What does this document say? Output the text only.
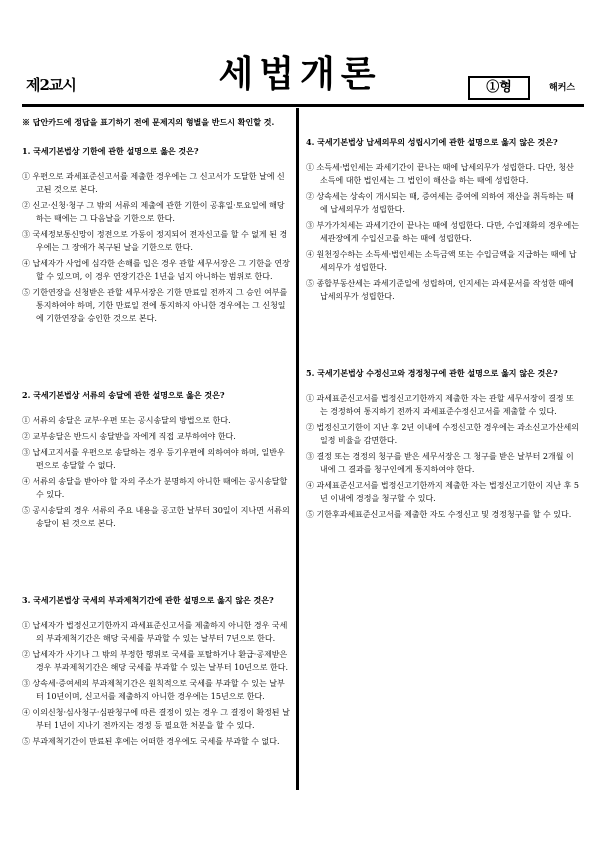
제2교시	세법개론	①형	해커스
※ 답안카드에 정답을 표기하기 전에 문제지의 형별을 반드시 확인할 것.
1. 국세기본법상 기한에 관한 설명으로 옳은 것은?
① 우편으로 과세표준신고서를 제출한 경우에는 그 신고서가 도달한 날에 신고된 것으로 본다.
② 신고·신청·청구 그 밖의 서류의 제출에 관한 기한이 공휴일·토요일에 해당하는 때에는 그 다음날을 기한으로 한다.
③ 국세정보통신망이 정전으로 가동이 정지되어 전자신고를 할 수 없게 된 경우에는 그 장애가 복구된 날을 기한으로 한다.
④ 납세자가 사업에 심각한 손해를 입은 경우 관할 세무서장은 그 기한을 연장할 수 있으며, 이 경우 연장기간은 1년을 넘지 아니하는 범위로 한다.
⑤ 기한연장을 신청받은 관할 세무서장은 기한 만료일 전까지 그 승인 여부를 통지하여야 하며, 기한 만료일 전에 통지하지 아니한 경우에는 그 신청일에 기한연장을 승인한 것으로 본다.
2. 국세기본법상 서류의 송달에 관한 설명으로 옳은 것은?
① 서류의 송달은 교부·우편 또는 공시송달의 방법으로 한다.
② 교부송달은 반드시 송달받을 자에게 직접 교부하여야 한다.
③ 납세고지서를 우편으로 송달하는 경우 등기우편에 의하여야 하며, 일반우편으로 송달할 수 없다.
④ 서류의 송달을 받아야 할 자의 주소가 분명하지 아니한 때에는 공시송달할 수 있다.
⑤ 공시송달의 경우 서류의 주요 내용을 공고한 날부터 30일이 지나면 서류의 송달이 된 것으로 본다.
3. 국세기본법상 국세의 부과제척기간에 관한 설명으로 옳지 않은 것은?
① 납세자가 법정신고기한까지 과세표준신고서를 제출하지 아니한 경우 국세의 부과제척기간은 해당 국세를 부과할 수 있는 날부터 7년으로 한다.
② 납세자가 사기나 그 밖의 부정한 행위로 국세를 포탈하거나 환급·공제받은 경우 부과제척기간은 해당 국세를 부과할 수 있는 날부터 10년으로 한다.
③ 상속세·증여세의 부과제척기간은 원칙적으로 국세를 부과할 수 있는 날부터 10년이며, 신고서를 제출하지 아니한 경우에는 15년으로 한다.
④ 이의신청·심사청구·심판청구에 따른 결정이 있는 경우 그 결정이 확정된 날부터 1년이 지나기 전까지는 경정 등 필요한 처분을 할 수 있다.
⑤ 부과제척기간이 만료된 후에는 어떠한 경우에도 국세를 부과할 수 없다.
4. 국세기본법상 납세의무의 성립시기에 관한 설명으로 옳지 않은 것은?
① 소득세·법인세는 과세기간이 끝나는 때에 납세의무가 성립한다. 다만, 청산소득에 대한 법인세는 그 법인이 해산을 하는 때에 성립한다.
② 상속세는 상속이 개시되는 때, 증여세는 증여에 의하여 재산을 취득하는 때에 납세의무가 성립한다.
③ 부가가치세는 과세기간이 끝나는 때에 성립한다. 다만, 수입재화의 경우에는 세관장에게 수입신고를 하는 때에 성립한다.
④ 원천징수하는 소득세·법인세는 소득금액 또는 수입금액을 지급하는 때에 납세의무가 성립한다.
⑤ 종합부동산세는 과세기준일에 성립하며, 인지세는 과세문서를 작성한 때에 납세의무가 성립한다.
5. 국세기본법상 수정신고와 경정청구에 관한 설명으로 옳지 않은 것은?
① 과세표준신고서를 법정신고기한까지 제출한 자는 관할 세무서장이 결정 또는 경정하여 통지하기 전까지 과세표준수정신고서를 제출할 수 있다.
② 법정신고기한이 지난 후 2년 이내에 수정신고한 경우에는 과소신고가산세의 일정 비율을 감면한다.
③ 결정 또는 경정의 청구를 받은 세무서장은 그 청구를 받은 날부터 2개월 이내에 그 결과를 청구인에게 통지하여야 한다.
④ 과세표준신고서를 법정신고기한까지 제출한 자는 법정신고기한이 지난 후 5년 이내에 경정을 청구할 수 있다.
⑤ 기한후과세표준신고서를 제출한 자도 수정신고 및 경정청구를 할 수 있다.
